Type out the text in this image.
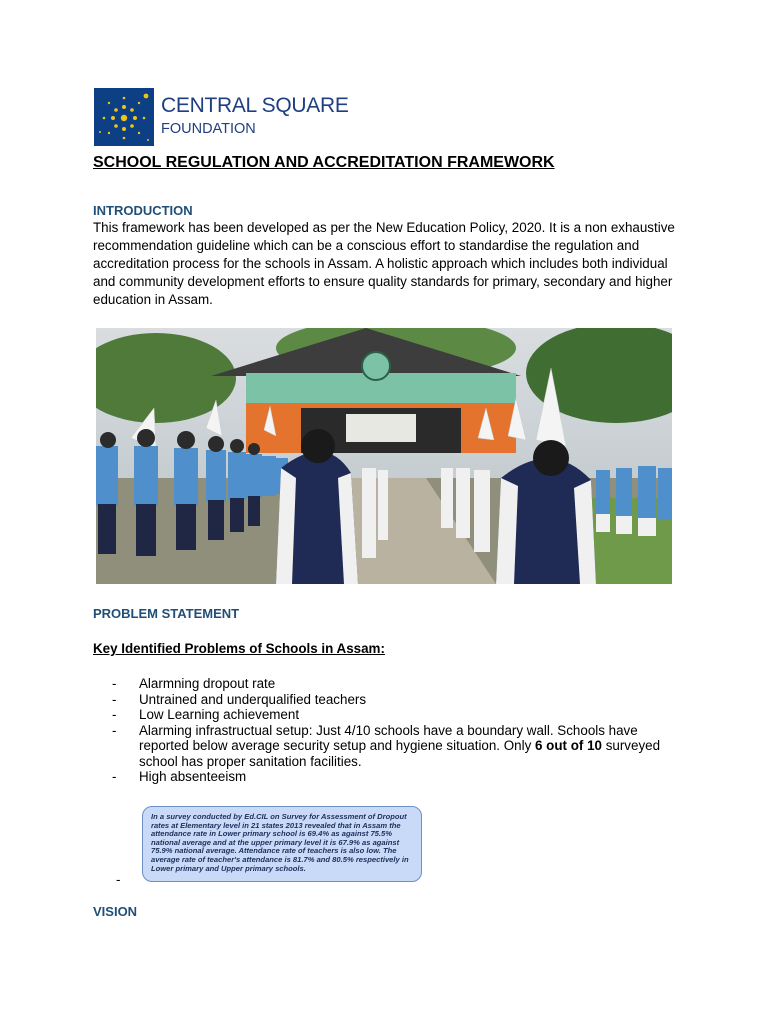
CENTRAL SQUARE
FOUNDATION
SCHOOL REGULATION AND ACCREDITATION FRAMEWORK
INTRODUCTION
This framework has been developed as per the New Education Policy, 2020. It is a non exhaustive recommendation guideline which can be a conscious effort to standardise the regulation and accreditation process for the schools in Assam. A holistic approach which includes both individual and community development efforts to ensure quality standards for primary, secondary and higher education in Assam.
PROBLEM STATEMENT
Key Identified Problems of Schools in Assam:
- Alarmning dropout rate
- Untrained and underqualified teachers
- Low Learning achievement
- Alarming infrastructual setup: Just 4/10 schools have a boundary wall. Schools have reported below average security setup and hygiene situation. Only 6 out of 10 surveyed school has proper sanitation facilities.
- High absenteeism
In a survey conducted by Ed.CIL on Survey for Assessment of Dropout rates at Elementary level in 21 states 2013 revealed that in Assam the attendance rate in Lower primary school is 69.4% as against 75.5% national average and at the upper primary level it is 67.9% as against 75.9% national average. Attendance rate of teachers is also low. The average rate of teacher's attendance is 81.7% and 80.5% respectively in Lower primary and Upper primary schools.
-
VISION
